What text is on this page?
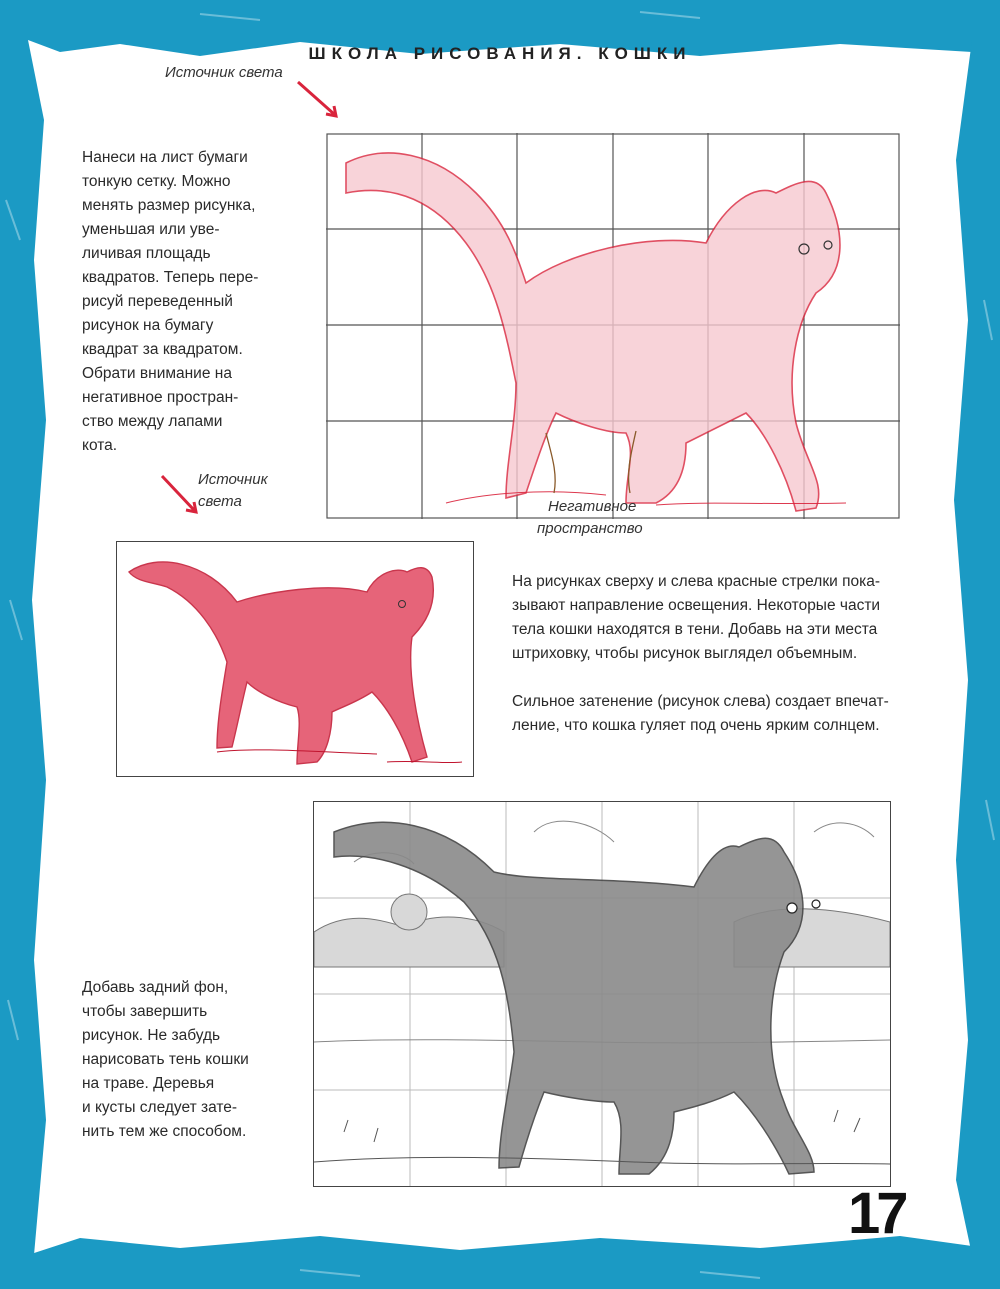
ШКОЛА РИСОВАНИЯ. КОШКИ
Источник света
Нанеси на лист бумаги
тонкую сетку. Можно
менять размер рисунка,
уменьшая или уве-
личивая площадь
квадратов. Теперь пере-
рисуй переведенный
рисунок на бумагу
квадрат за квадратом.
Обрати внимание на
негативное простран-
ство между лапами
кота.
Негативное
пространство
Источник
света
На рисунках сверху и слева красные стрелки пока-
зывают направление освещения. Некоторые части
тела кошки находятся в тени. Добавь на эти места
штриховку, чтобы рисунок выглядел объемным.
Сильное затенение (рисунок слева) создает впечат-
ление, что кошка гуляет под очень ярким солнцем.
Добавь задний фон,
чтобы завершить
рисунок. Не забудь
нарисовать тень кошки
на траве. Деревья
и кусты следует зате-
нить тем же способом.
17
